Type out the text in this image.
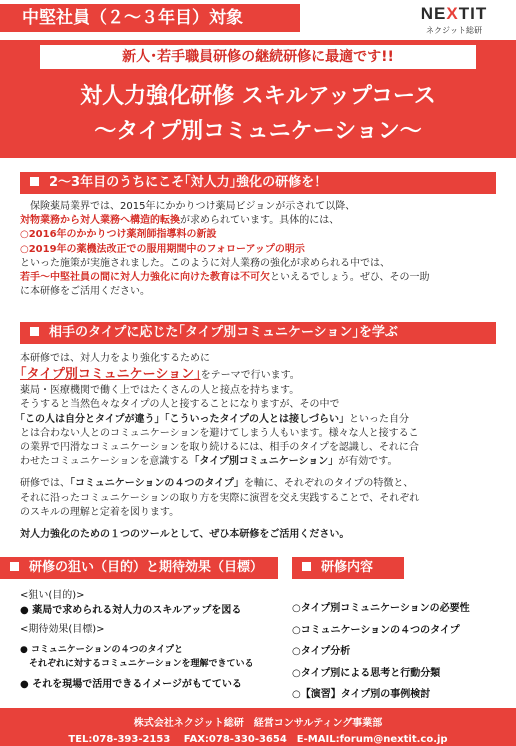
中堅社員（２～３年目）対象	NEXTIT
ネクジット総研
新人･若手職員研修の継続研修に最適です!!
対人力強化研修 スキルアップコース
～タイプ別コミュニケーション～
2～3年目のうちにこそ｢対人力｣強化の研修を！
　保険薬局業界では、2015年にかかりつけ薬局ビジョンが示されて以降、
対物業務から対人業務へ構造的転換が求められています。具体的には、
○2016年のかかりつけ薬剤師指導料の新設
○2019年の薬機法改正での服用期間中のフォローアップの明示
といった施策が実施されました。このように対人業務の強化が求められる中では、
若手～中堅社員の間に対人力強化に向けた教育は不可欠といえるでしょう。ぜひ、その一助
に本研修をご活用ください。
相手のタイプに応じた｢タイプ別コミュニケーション｣を学ぶ
本研修では、対人力をより強化するために
｢タイプ別コミュニケーション｣をテーマで行います。
薬局・医療機関で働く上ではたくさんの人と接点を持ちます。
そうすると当然色々なタイプの人と接することになりますが、その中で
｢この人は自分とタイプが違う｣「こういったタイプの人とは接しづらい」といった自分
とは合わない人とのコミュニケーションを避けてしまう人もいます。様々な人と接するこ
の業界で円滑なコミュニケーションを取り続けるには、相手のタイプを認識し、それに合
わせたコミュニケーションを意識する「タイプ別コミュニケーション」が有効です。
研修では、「コミュニケーションの４つのタイプ」を軸に、それぞれのタイプの特徴と、
それに沿ったコミュニケーションの取り方を実際に演習を交え実践することで、それぞれ
のスキルの理解と定着を図ります。
対人力強化のための１つのツールとして、ぜひ本研修をご活用ください。
研修の狙い（目的）と期待効果（目標）
<狙い(目的)>
● 薬局で求められる対人力のスキルアップを図る
<期待効果(目標)>
● コミュニケーションの４つのタイプと
　それぞれに対するコミュニケーションを理解できている
● それを現場で活用できるイメージがもてている
研修内容
○タイプ別コミュニケーションの必要性
○コミュニケーションの４つのタイプ
○タイプ分析
○タイプ別による思考と行動分類
○【演習】タイプ別の事例検討
株式会社ネクジット総研　経営コンサルティング事業部
TEL:078-393-2153　 FAX:078-330-3654　E-MAIL:forum@nextit.co.jp
